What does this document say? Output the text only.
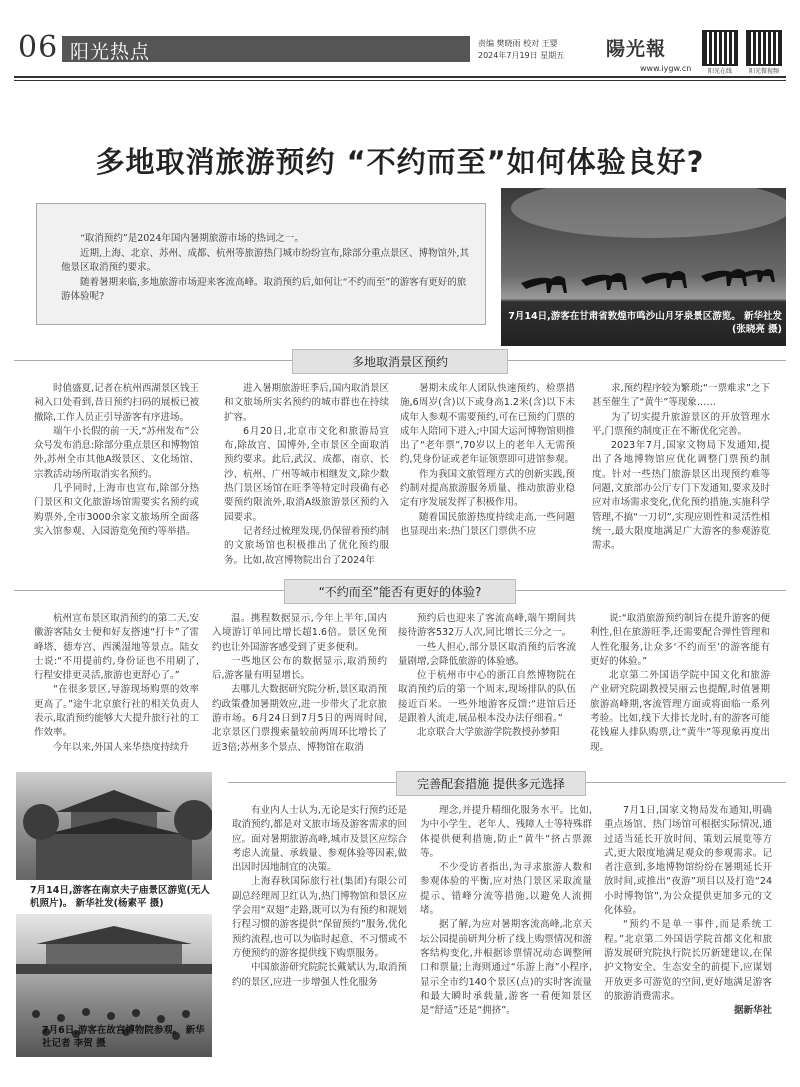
06 阳光热点	责编 樊晓雨 校对 王婴
2024年7月19日 星期五 陽光報
www.iygw.cn	阳光在线	阳光微视频
多地取消旅游预约 “不约而至”如何体验良好?

“取消预约”是2024年国内暑期旅游市场的热词之一。

近期,上海、北京、苏州、成都、杭州等旅游热门城市纷纷宣布,除部分重点景区、博物馆外,其他景区取消预约要求。

随着暑期来临,多地旅游市场迎来客流高峰。取消预约后,如何让“不约而至”的游客有更好的旅游体验呢?

7月14日,游客在甘肃省敦煌市鸣沙山月牙泉景区游览。 新华社发(张晓亮 摄)
多地取消景区预约

时值盛夏,记者在杭州西湖景区钱王祠入口处看到,昔日预约扫码的展板已被撤除,工作人员正引导游客有序进场。

端午小长假的前一天,“苏州发布”公众号发布消息:除部分重点景区和博物馆外,苏州全市其他A级景区、文化场馆、宗教活动场所取消实名预约。

几乎同时,上海市也宣布,除部分热门景区和文化旅游场馆需要实名预约或购票外,全市3000余家文旅场所全面落实入馆参观、入园游览免预约等举措。

进入暑期旅游旺季后,国内取消景区和文旅场所实名预约的城市群也在持续扩容。

6月20日,北京市文化和旅游局宣布,除故宫、国博外,全市景区全面取消预约要求。此后,武汉、成都、南京、长沙、杭州、广州等城市相继发文,除少数热门景区场馆在旺季等特定时段确有必要预约限流外,取消A级旅游景区预约入园要求。

记者经过梳理发现,仍保留着预约制的文旅场馆也积极推出了优化预约服务。比如,故宫博物院出台了2024年

暑期未成年人团队快速预约、检票措施,6周岁(含)以下或身高1.2米(含)以下未成年人参观不需要预约,可在已预约门票的成年人陪同下进入;中国大运河博物馆则推出了“老年票”,70岁以上的老年人无需预约,凭身份证或老年证领票即可进馆参观。

作为我国文旅管理方式的创新实践,预约制对提高旅游服务质量、推动旅游业稳定有序发展发挥了积极作用。

随着国民旅游热度持续走高,一些问题也显现出来:热门景区门票供不应

求,预约程序较为繁琐;“一票难求”之下甚至催生了“黄牛”等现象……

为了切实提升旅游景区的开放管理水平,门票预约制度正在不断优化完善。

2023年7月,国家文物局下发通知,提出了各地博物馆应优化调整门票预约制度。针对一些热门旅游景区出现预约难等问题,文旅部办公厅专门下发通知,要求及时应对市场需求变化,优化预约措施,实施科学管理,不搞“一刀切”,实现应则性和灵活性相统一,最大限度地满足广大游客的参观游览需求。

“不约而至”能否有更好的体验?

杭州宣布景区取消预约的第二天,安徽游客陆女士便和好友搭速“打卡”了雷峰塔、德寿宫、西溪湿地等景点。陆女士说:“不用提前约,身份证也不用刷了,行程安排更灵活,旅游也更舒心了。”

“在很多景区,导游现场购票的效率更高了。”途牛北京旅行社的相关负责人表示,取消预约能够大大提升旅行社的工作效率。

今年以来,外国人来华热度持续升

温。携程数据显示,今年上半年,国内入境游订单同比增长超1.6倍。景区免预约也让外国游客感受到了更多便利。

一些地区公布的数据显示,取消预约后,游客量有明显增长。

去哪儿大数据研究院分析,景区取消预约政策叠加暑期效应,进一步带火了北京旅游市场。6月24日到7月5日的两周时间,北京景区门票搜索量较前两周环比增长了近3倍;苏州多个景点、博物馆在取消

预约后也迎来了客流高峰,端午期间共接待游客532万人次,同比增长三分之一。

一些人担心,部分景区取消预约后客流量剧增,会降低旅游的体验感。

位于杭州市中心的浙江自然博物院在取消预约后的第一个周末,现场排队的队伍接近百米。一些外地游客反馈:“进馆后还是跟着人流走,展品根本没办法仔细看。”

北京联合大学旅游学院教授孙梦阳

说:“取消旅游预约制旨在提升游客的便利性,但在旅游旺季,还需要配合弹性管理和人性化服务,让众多‘不约而至’的游客能有更好的体验。”

北京第二外国语学院中国文化和旅游产业研究院副教授吴丽云也提醒,时值暑期旅游高峰期,客流管理方面或将面临一系列考验。比如,线下大排长龙时,有的游客可能花钱雇人排队购票,让“黄牛”等现象再度出现。

7月14日,游客在南京夫子庙景区游览(无人机照片)。 新华社发(杨素平 摄)
7月6日,游客在故宫博物院参观。 新华社记者 李贺 摄
完善配套措施 提供多元选择

有业内人士认为,无论是实行预约还是取消预约,都是对文旅市场及游客需求的回应。面对暑期旅游高峰,城市及景区应综合考虑人流量、承载量、参观体验等因素,做出因时因地制宜的决策。

上海春秋国际旅行社(集团)有限公司副总经理周卫红认为,热门博物馆和景区应学会用“双翅”走路,既可以为有预约和规划行程习惯的游客提供“保留预约”服务,优化预约流程,也可以为临时起意、不习惯或不方便预约的游客提供线下购票服务。

中国旅游研究院院长戴斌认为,取消预约的景区,应进一步增强人性化服务

理念,并提升精细化服务水平。比如,为中小学生、老年人、残障人士等特殊群体提供便利措施,防止“黄牛”挤占票源等。

不少受访者指出,为寻求旅游人数和参观体验的平衡,应对热门景区采取流量提示、错峰分流等措施,以避免人流拥堵。

据了解,为应对暑期客流高峰,北京天坛公园提前研判分析了线上购票情况和游客结构变化,并根据诊票情况动态调整闸口和票量;上海则通过“乐游上海”小程序,显示全市约140个景区(点)的实时客流量和最大瞬时承载量,游客一看便知景区是“舒适”还是“拥挤”。

7月1日,国家文物局发布通知,明确重点场馆、热门场馆可根据实际情况,通过适当延长开放时间、策划云展览等方式,更大限度地满足观众的参观需求。记者注意到,多地博物馆纷纷在暑期延长开放时间,或推出“夜游”项目以及打造“24小时博物馆”,为公众提供更加多元的文化体验。

“预约不是单一事件,而是系统工程。”北京第二外国语学院首都文化和旅游发展研究院执行院长厉新建建议,在保护文物安全、生态安全的前提下,应谋划开放更多可游览的空间,更好地满足游客的旅游消费需求。

据新华社
